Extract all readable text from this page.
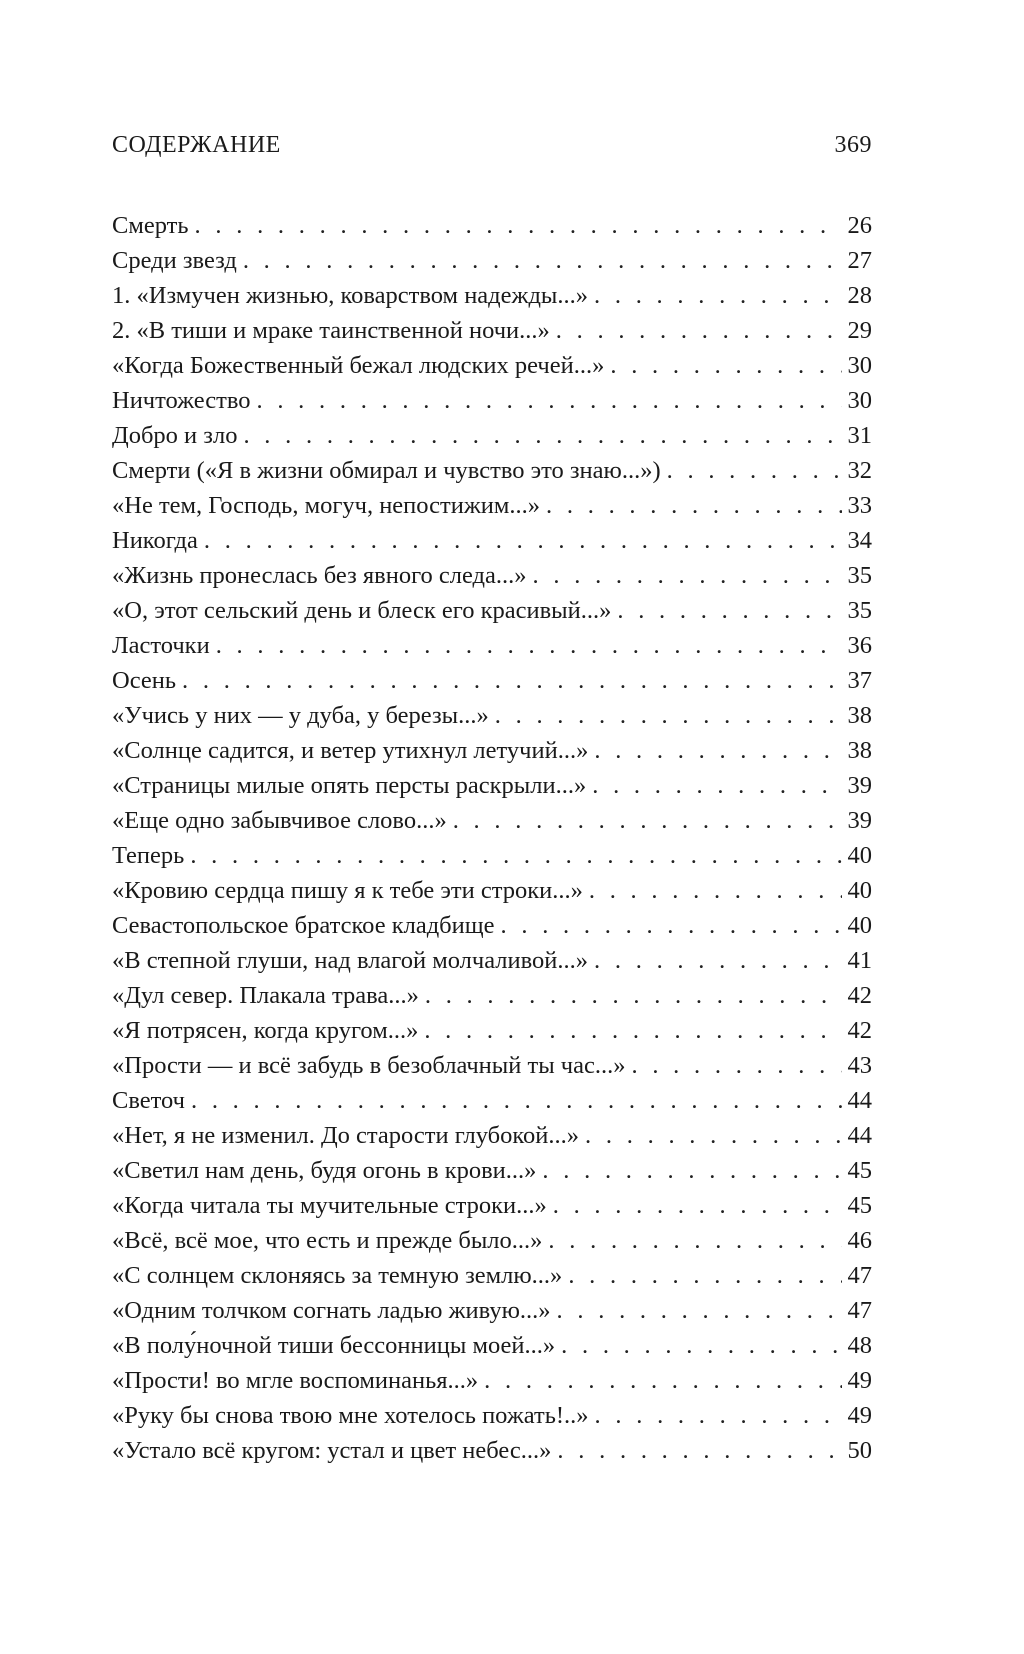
СОДЕРЖАНИЕ	369
Смерть . . .	26
Среди звезд . . .	27
1. «Измучен жизнью, коварством надежды...» . . .	28
2. «В тиши и мраке таинственной ночи...» . . .	29
«Когда Божественный бежал людских речей...» . . .	30
Ничтожество . . .	30
Добро и зло . . .	31
Смерти («Я в жизни обмирал и чувство это знаю...») . . .	32
«Не тем, Господь, могуч, непостижим...» . . .	33
Никогда . . .	34
«Жизнь пронеслась без явного следа...» . . .	35
«О, этот сельский день и блеск его красивый...» . . .	35
Ласточки . . .	36
Осень . . .	37
«Учись у них — у дуба, у березы...» . . .	38
«Солнце садится, и ветер утихнул летучий...» . . .	38
«Страницы милые опять персты раскрыли...» . . .	39
«Еще одно забывчивое слово...» . . .	39
Теперь . . .	40
«Кровию сердца пишу я к тебе эти строки...» . . .	40
Севастопольское братское кладбище . . .	40
«В степной глуши, над влагой молчаливой...» . . .	41
«Дул север. Плакала трава...» . . .	42
«Я потрясен, когда кругом...» . . .	42
«Прости — и всё забудь в безоблачный ты час...» . . .	43
Светоч . . .	44
«Нет, я не изменил. До старости глубокой...» . . .	44
«Светил нам день, будя огонь в крови...» . . .	45
«Когда читала ты мучительные строки...» . . .	45
«Всё, всё мое, что есть и прежде было...» . . .	46
«С солнцем склоняясь за темную землю...» . . .	47
«Одним толчком согнать ладью живую...» . . .	47
«В полу́ночной тиши бессонницы моей...» . . .	48
«Прости! во мгле воспоминанья...» . . .	49
«Руку бы снова твою мне хотелось пожать!..» . . .	49
«Устало всё кругом: устал и цвет небес...» . . .	50
